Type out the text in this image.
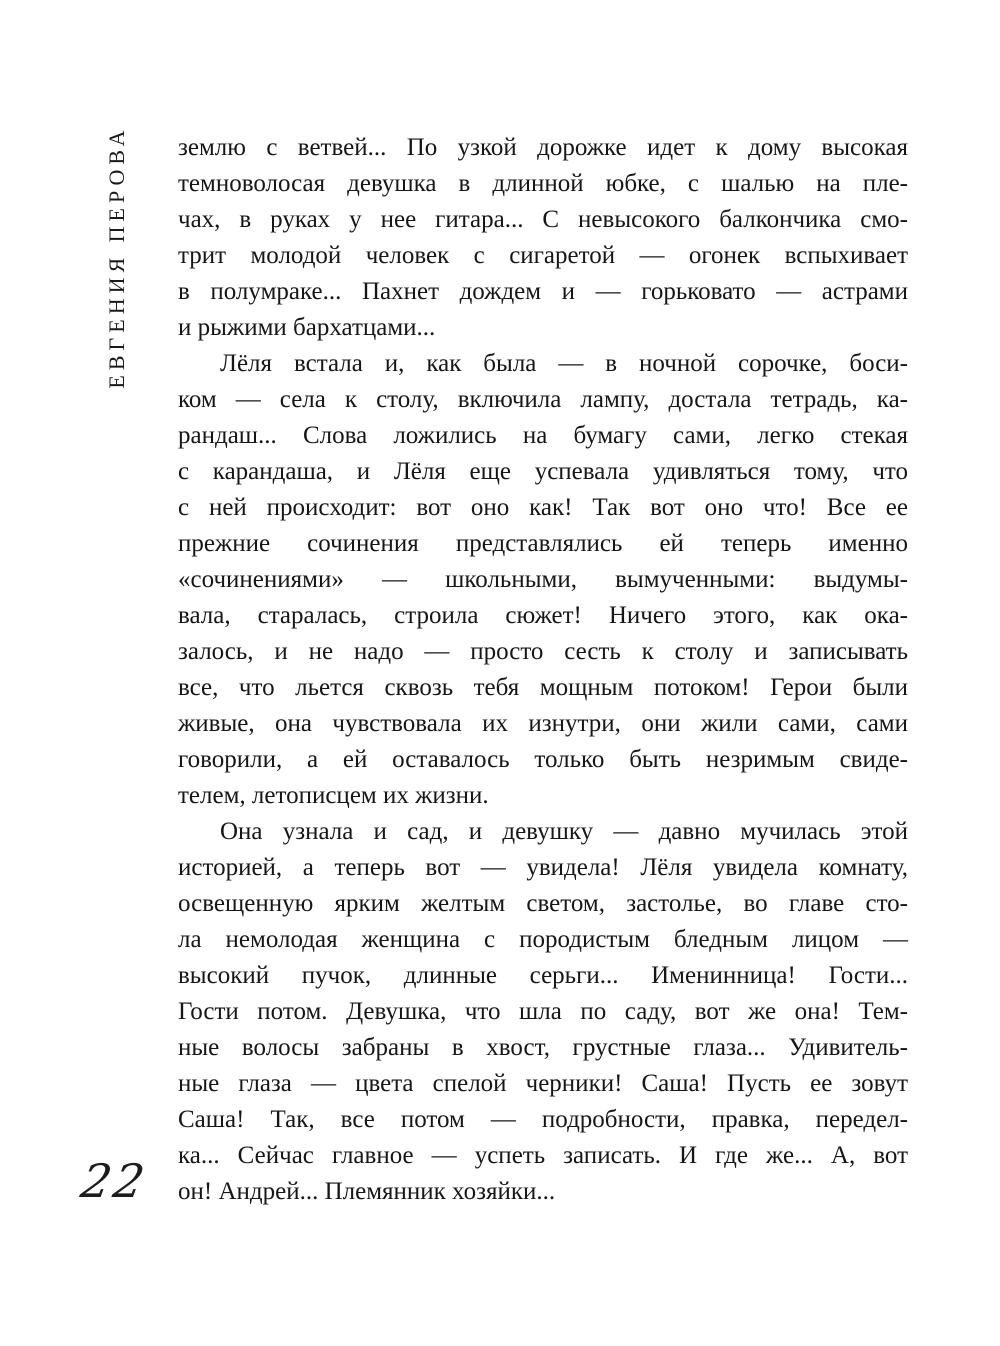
ЕВГЕНИЯ ПЕРОВА
22
землю с ветвей... По узкой дорожке идет к дому высокая
темноволосая девушка в длинной юбке, с шалью на пле-
чах, в руках у нее гитара... С невысокого балкончика смо-
трит молодой человек с сигаретой — огонек вспыхивает
в полумраке... Пахнет дождем и — горьковато — астрами
и рыжими бархатцами...
Лёля встала и, как была — в ночной сорочке, боси-
ком — села к столу, включила лампу, достала тетрадь, ка-
рандаш... Слова ложились на бумагу сами, легко стекая
с карандаша, и Лёля еще успевала удивляться тому, что
с ней происходит: вот оно как! Так вот оно что! Все ее
прежние сочинения представлялись ей теперь именно
«сочинениями» — школьными, вымученными: выдумы-
вала, старалась, строила сюжет! Ничего этого, как ока-
залось, и не надо — просто сесть к столу и записывать
все, что льется сквозь тебя мощным потоком! Герои были
живые, она чувствовала их изнутри, они жили сами, сами
говорили, а ей оставалось только быть незримым свиде-
телем, летописцем их жизни.
Она узнала и сад, и девушку — давно мучилась этой
историей, а теперь вот — увидела! Лёля увидела комнату,
освещенную ярким желтым светом, застолье, во главе сто-
ла немолодая женщина с породистым бледным лицом —
высокий пучок, длинные серьги... Именинница! Гости...
Гости потом. Девушка, что шла по саду, вот же она! Тем-
ные волосы забраны в хвост, грустные глаза... Удивитель-
ные глаза — цвета спелой черники! Саша! Пусть ее зовут
Саша! Так, все потом — подробности, правка, передел-
ка... Сейчас главное — успеть записать. И где же... А, вот
он! Андрей... Племянник хозяйки...
